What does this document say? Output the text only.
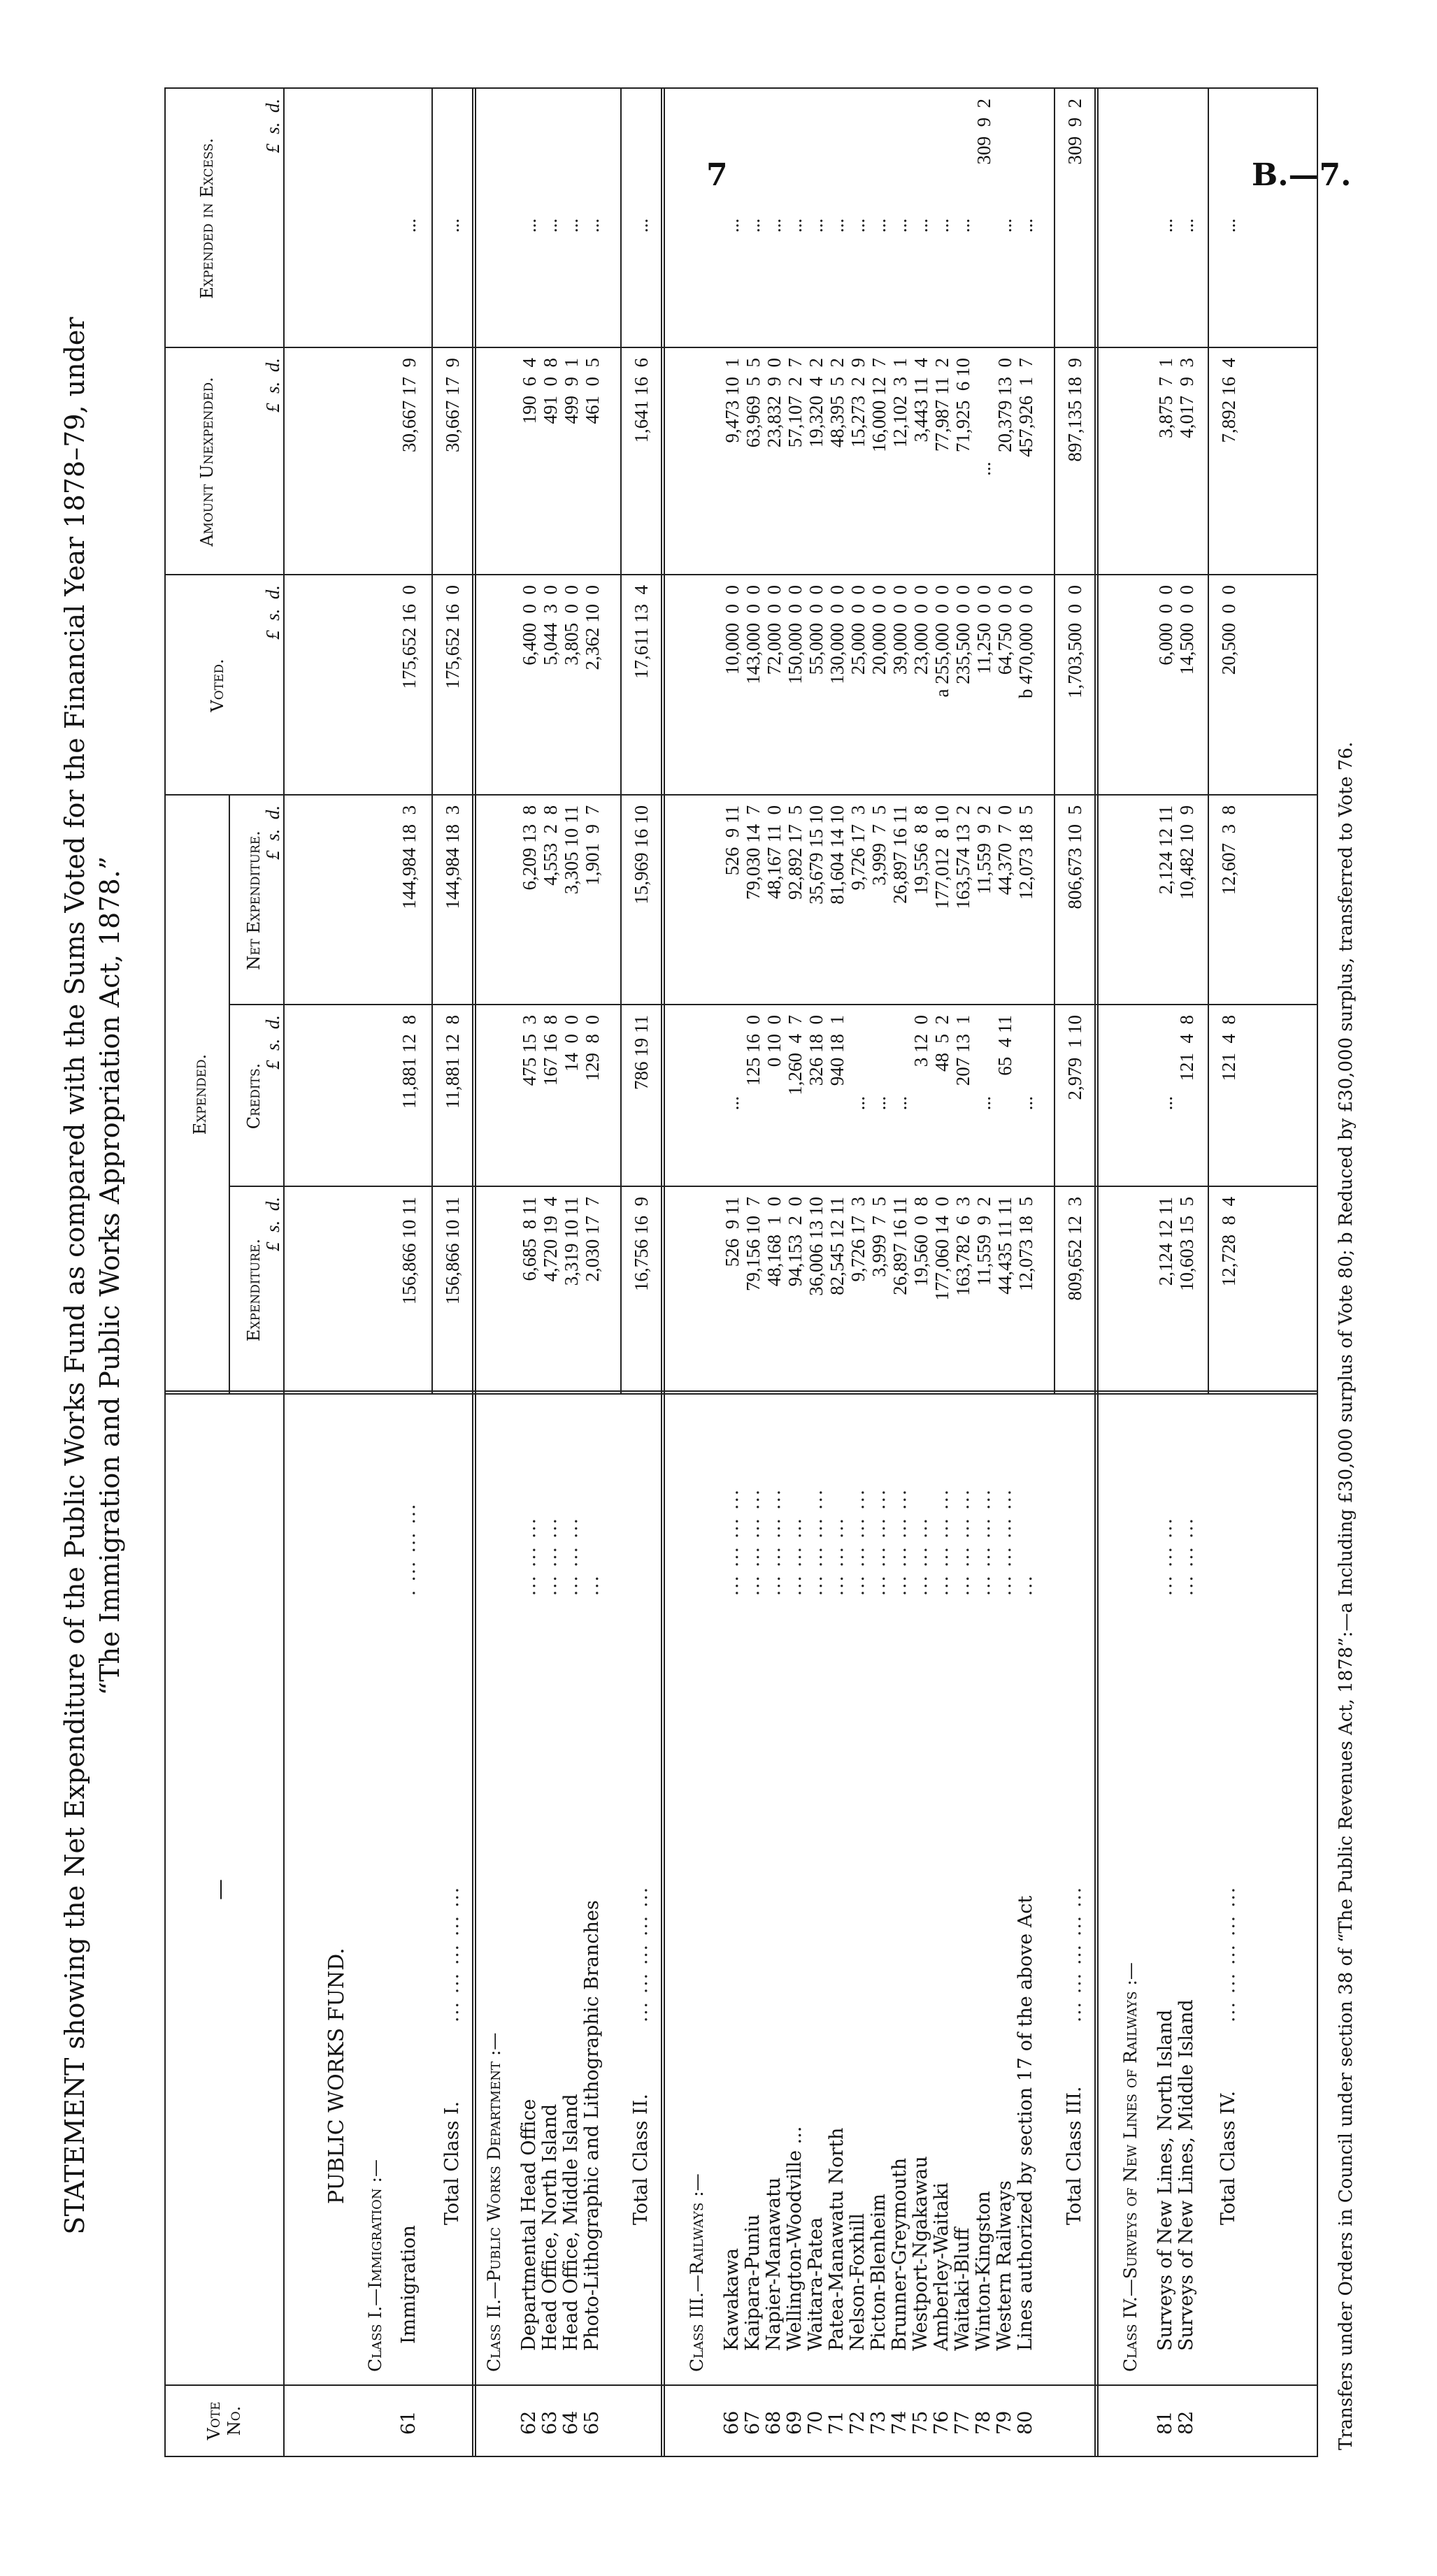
7	B.—7.
STATEMENT showing the Net Expenditure of the Public Works Fund as compared with the Sums Voted for the Financial Year 1878–79, under “The Immigration and Public Works Appropriation Act, 1878.”
Vote No.
—
Expended.
Expenditure.
Credits.
Net Expenditure.
Voted.
Amount Unexpended.
Expended in Excess.
£  s.  d.
£  s.  d.
£  s.  d.
£  s.  d.
£  s.  d.
£  s.  d.
PUBLIC WORKS FUND.
Class I.—Immigration :—
61
Immigration
. ... ... ...
156,866 10 11
11,881 12  8
144,984 18  3
175,652 16  0
30,667 17  9
...
Total Class I.
... ... ... ... ...
156,866 10 11
11,881 12  8
144,984 18  3
175,652 16  0
30,667 17  9
...
Class II.—Public Works Department :—
62
Departmental Head Office
... ... ...
6,685  8 11
475 15  3
6,209 13  8
6,400  0  0
190  6  4
...
63
Head Office, North Island
... ... ...
4,720 19  4
167 16  8
4,553  2  8
5,044  3  0
491  0  8
...
64
Head Office, Middle Island
... ... ...
3,319 10 11
14  0  0
3,305 10 11
3,805  0  0
499  9  1
...
65
Photo-Lithographic and Lithographic Branches
...
2,030 17  7
129  8  0
1,901  9  7
2,362 10  0
461  0  5
...
Total Class II.
... ... ... ... ...
16,756 16  9
786 19 11
15,969 16 10
17,611 13  4
1,641 16  6
...
Class III.—Railways :—
66
Kawakawa
... ... ... ...
526  9 11
...
526  9 11
10,000  0  0
9,473 10  1
...
67
Kaipara-Puniu
... ... ... ...
79,156 10  7
125 16  0
79,030 14  7
143,000  0  0
63,969  5  5
...
68
Napier-Manawatu
... ... ... ...
48,168  1  0
0 10  0
48,167 11  0
72,000  0  0
23,832  9  0
...
69
Wellington-Woodville ...
... ... ...
94,153  2  0
1,260  4  7
92,892 17  5
150,000  0  0
57,107  2  7
...
70
Waitara-Patea
... ... ... ...
36,006 13 10
326 18  0
35,679 15 10
55,000  0  0
19,320  4  2
...
71
Patea-Manawatu North
... ... ...
82,545 12 11
940 18  1
81,604 14 10
130,000  0  0
48,395  5  2
...
72
Nelson-Foxhill
... ... ... ...
9,726 17  3
...
9,726 17  3
25,000  0  0
15,273  2  9
...
73
Picton-Blenheim
... ... ... ...
3,999  7  5
...
3,999  7  5
20,000  0  0
16,000 12  7
...
74
Brunner-Greymouth
... ... ... ...
26,897 16 11
...
26,897 16 11
39,000  0  0
12,102  3  1
...
75
Westport-Ngakawau
... ... ...
19,560  0  8
3 12  0
19,556  8  8
23,000  0  0
3,443 11  4
...
76
Amberley-Waitaki
... ... ... ...
177,060 14  0
48  5  2
177,012  8 10
a 255,000  0  0
77,987 11  2
...
77
Waitaki-Bluff
... ... ... ...
163,782  6  3
207 13  1
163,574 13  2
235,500  0  0
71,925  6 10
...
78
Winton-Kingston
... ... ... ...
11,559  9  2
...
11,559  9  2
11,250  0  0
...
309  9  2
79
Western Railways
... ... ... ...
44,435 11 11
65  4 11
44,370  7  0
64,750  0  0
20,379 13  0
...
80
Lines authorized by section 17 of the above Act
...
12,073 18  5
...
12,073 18  5
b 470,000  0  0
457,926  1  7
...
Total Class III.
... ... ... ... ...
809,652 12  3
2,979  1 10
806,673 10  5
1,703,500  0  0
897,135 18  9
309  9  2
Class IV.—Surveys of New Lines of Railways :—
81
Surveys of New Lines, North Island
... ... ...
2,124 12 11
...
2,124 12 11
6,000  0  0
3,875  7  1
...
82
Surveys of New Lines, Middle Island
... ... ...
10,603 15  5
121  4  8
10,482 10  9
14,500  0  0
4,017  9  3
...
Total Class IV.
... ... ... ... ...
12,728  8  4
121  4  8
12,607  3  8
20,500  0  0
7,892 16  4
...
Transfers under Orders in Council under section 38 of “The Public Revenues Act, 1878”:—a Including £30,000 surplus of Vote 80; b Reduced by £30,000 surplus, transferred to Vote 76.
